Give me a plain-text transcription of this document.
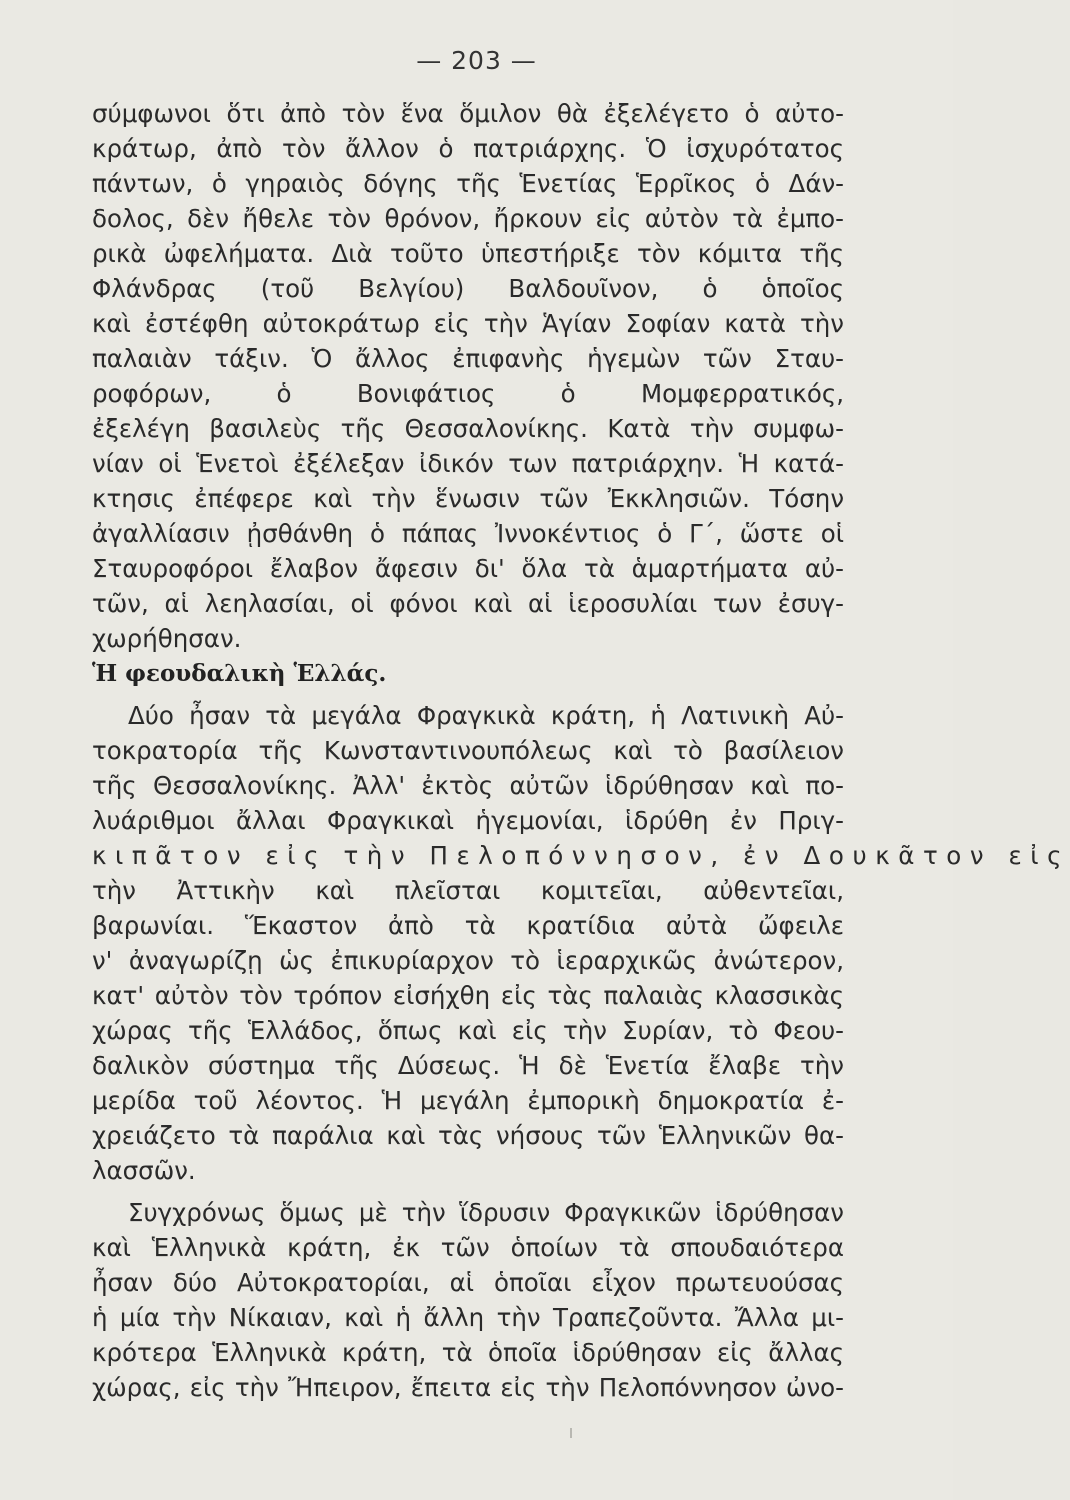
— 203 —
σύμφωνοι ὅτι ἀπὸ τὸν ἕνα ὅμιλον θὰ ἐξελέγετο ὁ αὐτο-
κράτωρ, ἀπὸ τὸν ἄλλον ὁ πατριάρχης. Ὁ ἰσχυρότατος
πάντων, ὁ γηραιὸς δόγης τῆς Ἑνετίας Ἑρρῖκος ὁ Δάν-
δολος, δὲν ἤθελε τὸν θρόνον, ἤρκουν εἰς αὐτὸν τὰ ἐμπο-
ρικὰ ὠφελήματα. Διὰ τοῦτο ὑπεστήριξε τὸν κόμιτα τῆς
Φλάνδρας (τοῦ Βελγίου) Βαλδουῖνον, ὁ ὁποῖος
καὶ ἐστέφθη αὐτοκράτωρ εἰς τὴν Ἁγίαν Σοφίαν κατὰ τὴν
παλαιὰν τάξιν. Ὁ ἄλλος ἐπιφανὴς ἡγεμὼν τῶν Σταυ-
ροφόρων, ὁ Βονιφάτιος ὁ Μομφερρατικός,
ἐξελέγη βασιλεὺς τῆς Θεσσαλονίκης. Κατὰ τὴν συμφω-
νίαν οἱ Ἑνετοὶ ἐξέλεξαν ἰδικόν των πατριάρχην. Ἡ κατά-
κτησις ἐπέφερε καὶ τὴν ἕνωσιν τῶν Ἐκκλησιῶν. Τόσην
ἀγαλλίασιν ᾐσθάνθη ὁ πάπας Ἰννοκέντιος ὁ Γ΄, ὥστε οἱ
Σταυροφόροι ἔλαβον ἄφεσιν δι' ὅλα τὰ ἁμαρτήματα αὐ-
τῶν, αἱ λεηλασίαι, οἱ φόνοι καὶ αἱ ἱεροσυλίαι των ἐσυγ-
χωρήθησαν.
Ἡ φεουδαλικὴ Ἑλλάς.
Δύο ἦσαν τὰ μεγάλα Φραγκικὰ κράτη, ἡ Λατινικὴ Αὐ-
τοκρατορία τῆς Κωνσταντινουπόλεως καὶ τὸ βασίλειον
τῆς Θεσσαλονίκης. Ἀλλ' ἐκτὸς αὐτῶν ἱδρύθησαν καὶ πο-
λυάριθμοι ἄλλαι Φραγκικαὶ ἡγεμονίαι, ἱδρύθη ἐν Πριγ-
κιπᾶτον εἰς τὴν Πελοπόννησον, ἐν Δουκᾶτον εἰς
τὴν Ἀττικὴν καὶ πλεῖσται κομιτεῖαι, αὐθεντεῖαι,
βαρωνίαι. Ἕκαστον ἀπὸ τὰ κρατίδια αὐτὰ ὤφειλε
ν' ἀναγωρίζῃ ὡς ἐπικυρίαρχον τὸ ἱεραρχικῶς ἀνώτερον,
κατ' αὐτὸν τὸν τρόπον εἰσήχθη εἰς τὰς παλαιὰς κλασσικὰς
χώρας τῆς Ἑλλάδος, ὅπως καὶ εἰς τὴν Συρίαν, τὸ Φεου-
δαλικὸν σύστημα τῆς Δύσεως. Ἡ δὲ Ἑνετία ἔλαβε τὴν
μερίδα τοῦ λέοντος. Ἡ μεγάλη ἐμπορικὴ δημοκρατία ἐ-
χρειάζετο τὰ παράλια καὶ τὰς νήσους τῶν Ἑλληνικῶν θα-
λασσῶν.
Συγχρόνως ὅμως μὲ τὴν ἵδρυσιν Φραγκικῶν ἱδρύθησαν
καὶ Ἑλληνικὰ κράτη, ἐκ τῶν ὁποίων τὰ σπουδαιότερα
ἦσαν δύο Αὐτοκρατορίαι, αἱ ὁποῖαι εἶχον πρωτευούσας
ἡ μία τὴν Νίκαιαν, καὶ ἡ ἄλλη τὴν Τραπεζοῦντα. Ἄλλα μι-
κρότερα Ἑλληνικὰ κράτη, τὰ ὁποῖα ἱδρύθησαν εἰς ἄλλας
χώρας, εἰς τὴν Ἤπειρον, ἔπειτα εἰς τὴν Πελοπόννησον ὠνο-
